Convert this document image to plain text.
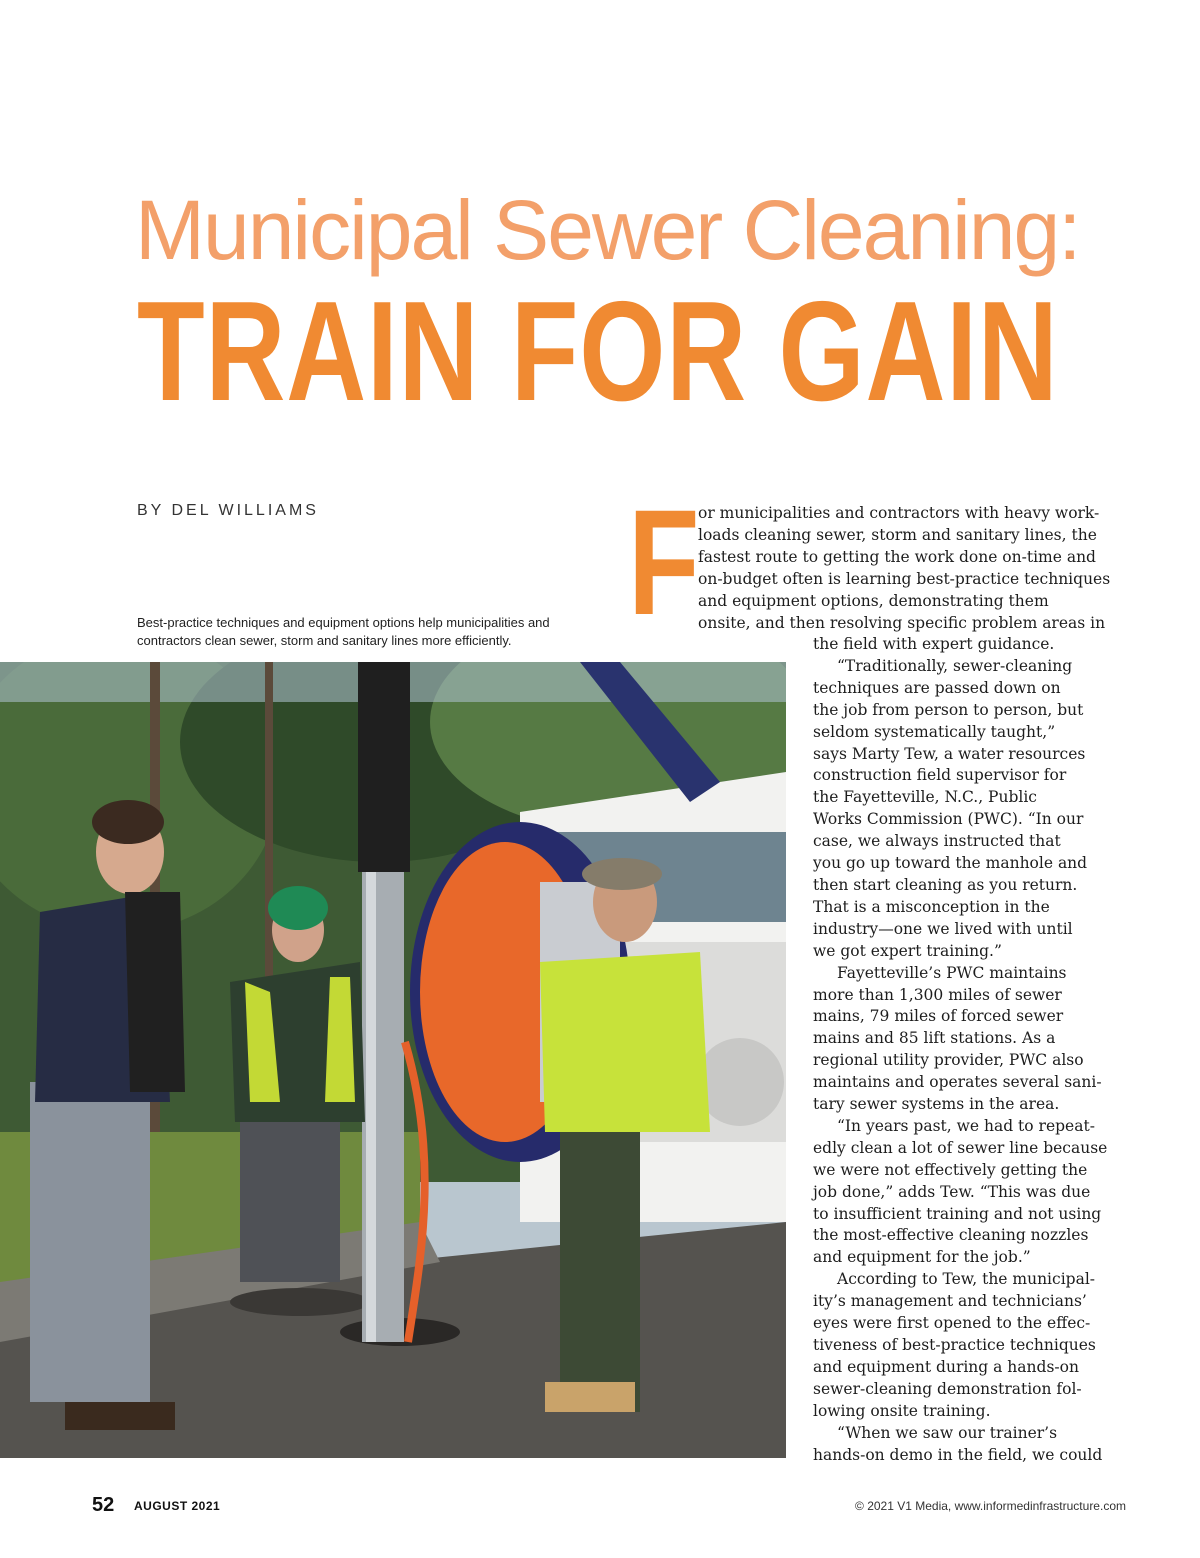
Municipal Sewer Cleaning:
TRAIN FOR GAIN
BY DEL WILLIAMS
Best-practice techniques and equipment options help municipalities and
contractors clean sewer, storm and sanitary lines more efficiently. F
or municipalities and contractors with heavy work-
loads cleaning sewer, storm and sanitary lines, the
fastest route to getting the work done on-time and
on-budget often is learning best-practice techniques
and equipment options, demonstrating them
onsite, and then resolving specific problem areas in
the field with expert guidance.
“Traditionally, sewer-cleaning
techniques are passed down on
the job from person to person, but
seldom systematically taught,”
says Marty Tew, a water resources
construction field supervisor for
the Fayetteville, N.C., Public
Works Commission (PWC). “In our
case, we always instructed that
you go up toward the manhole and
then start cleaning as you return.
That is a misconception in the
industry—one we lived with until
we got expert training.”
Fayetteville’s PWC maintains
more than 1,300 miles of sewer
mains, 79 miles of forced sewer
mains and 85 lift stations. As a
regional utility provider, PWC also
maintains and operates several sani-
tary sewer systems in the area.
“In years past, we had to repeat-
edly clean a lot of sewer line because
we were not effectively getting the
job done,” adds Tew. “This was due
to insufficient training and not using
the most-effective cleaning nozzles
and equipment for the job.”
According to Tew, the municipal-
ity’s management and technicians’
eyes were first opened to the effec-
tiveness of best-practice techniques
and equipment during a hands-on
sewer-cleaning demonstration fol-
lowing onsite training.
“When we saw our trainer’s
hands-on demo in the field, we could
52 AUGUST 2021	© 2021 V1 Media, www.informedinfrastructure.com
